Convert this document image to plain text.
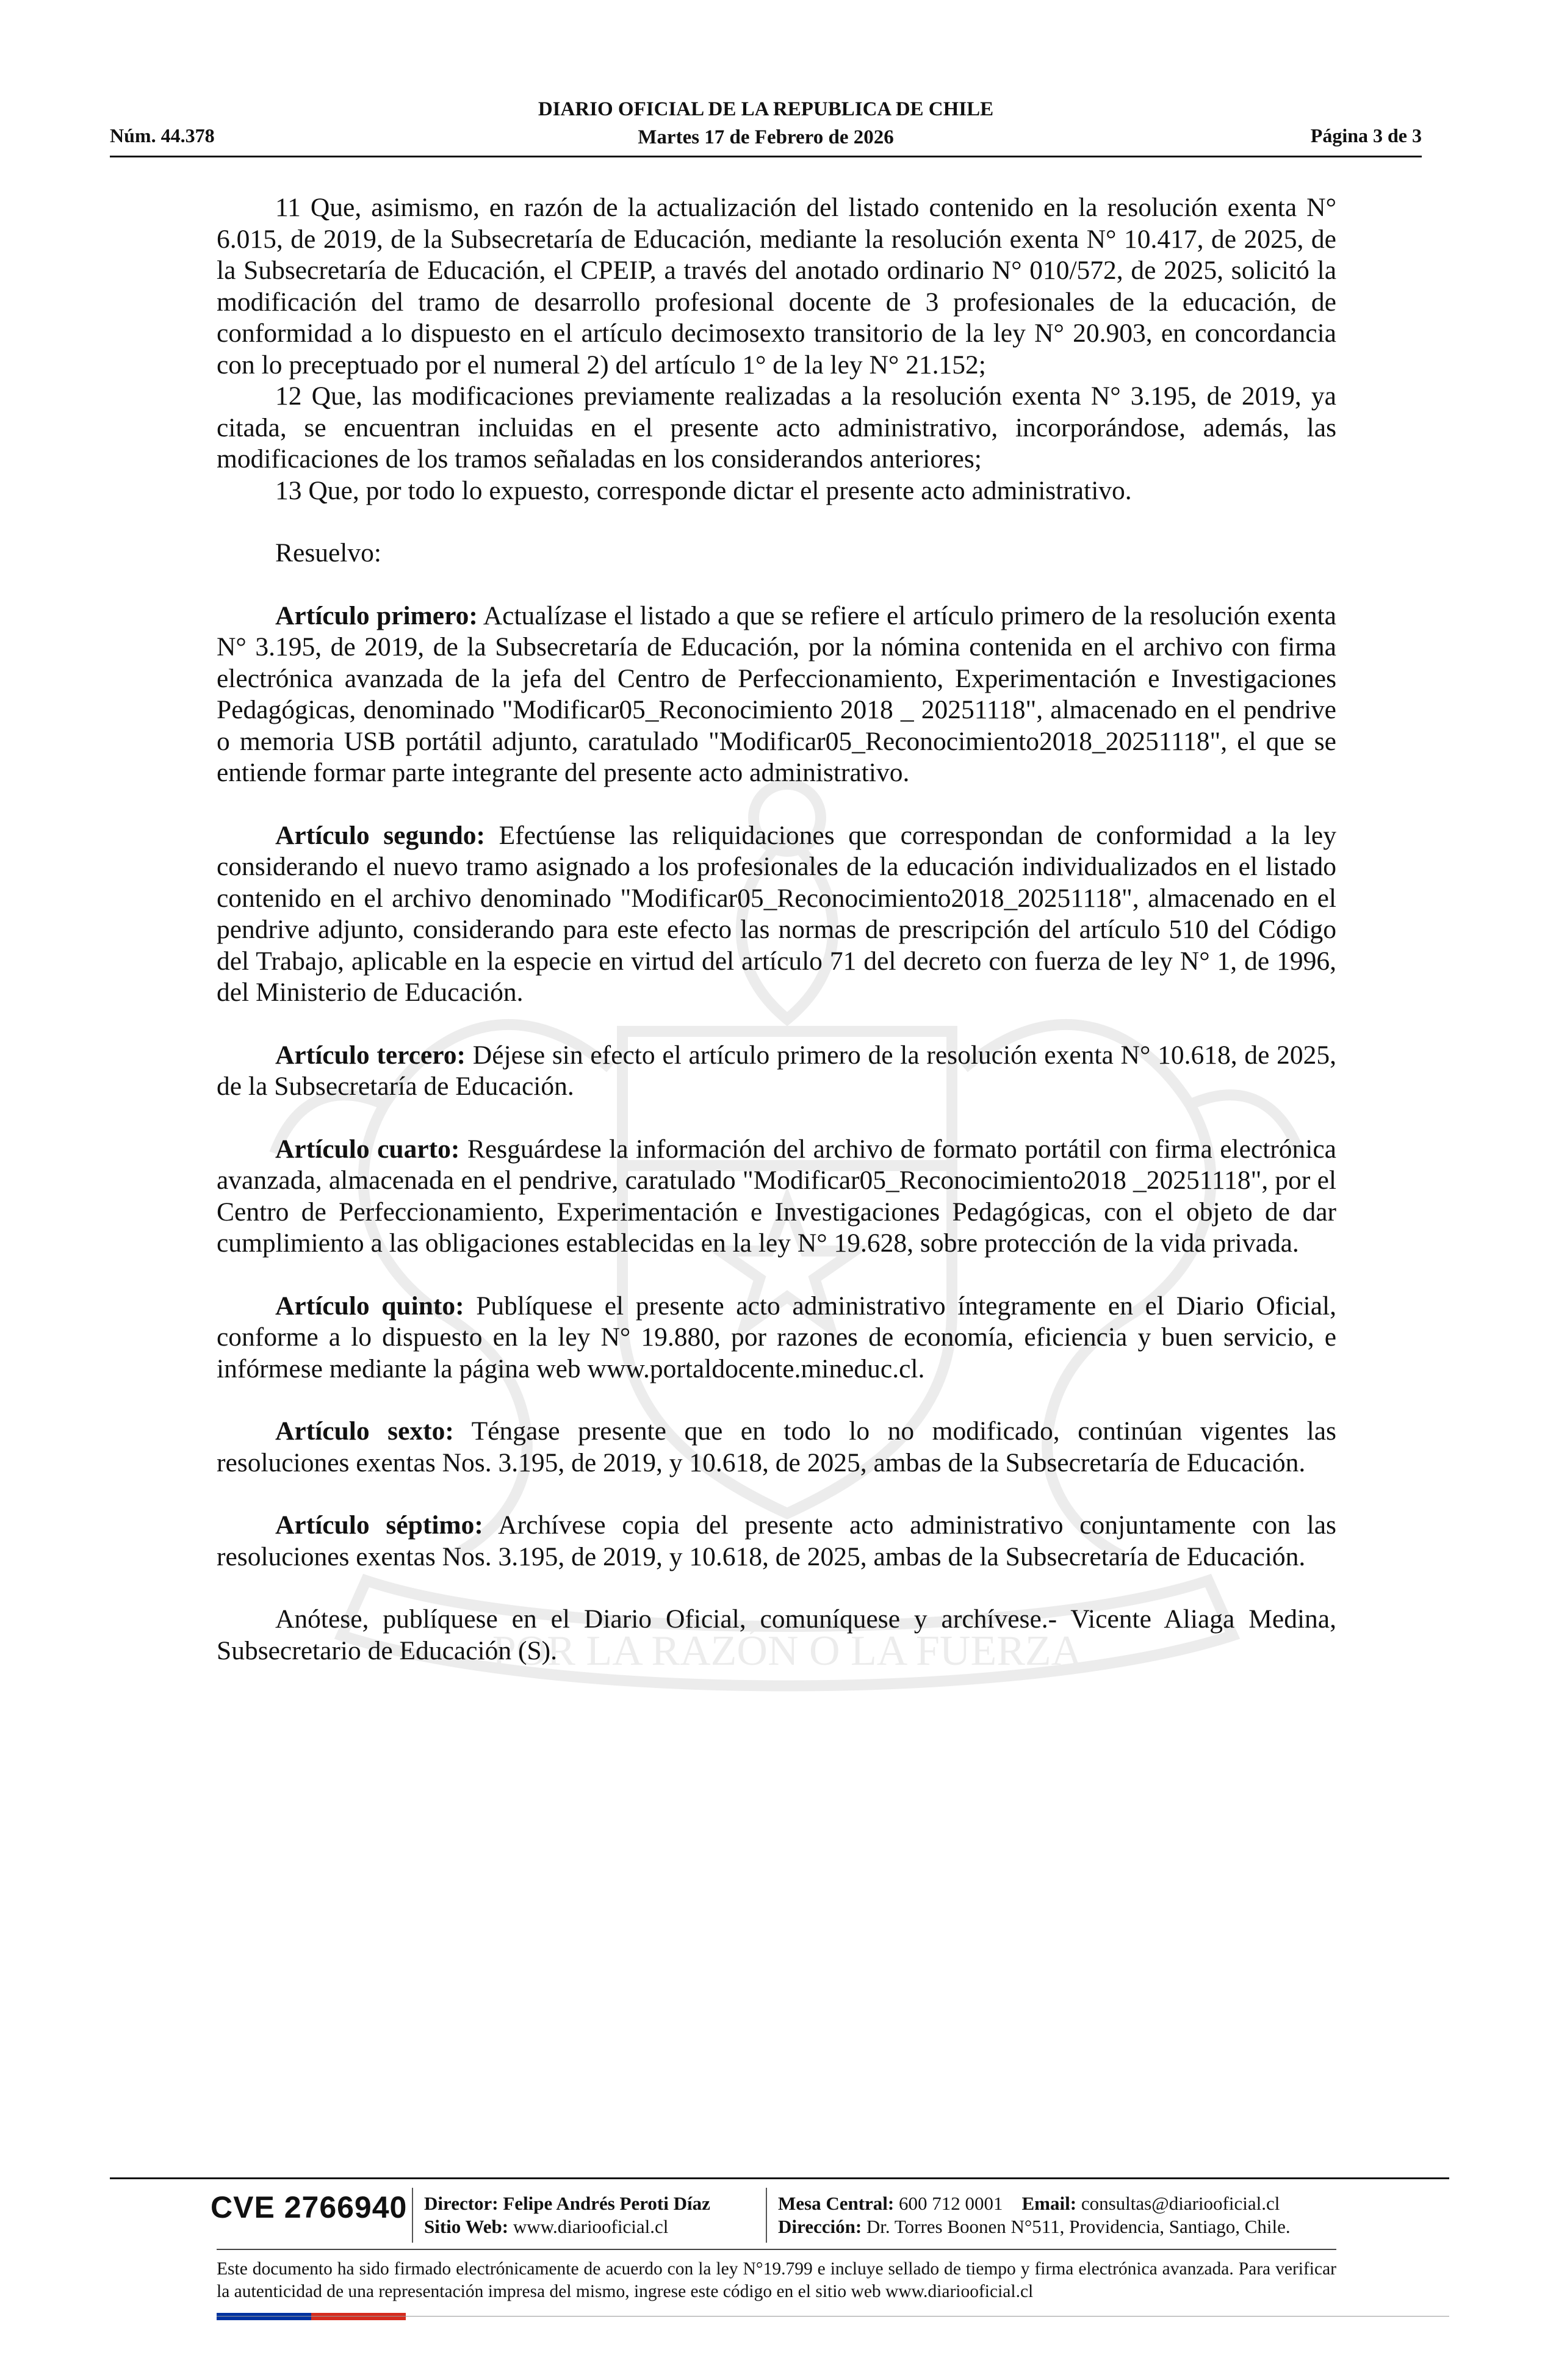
POR LA RAZÓN O LA FUERZA
Núm. 44.378
DIARIO OFICIAL DE LA REPUBLICA DE CHILE
Martes 17 de Febrero de 2026	Página 3 de 3

11 Que, asimismo, en razón de la actualización del listado contenido en la resolución exenta N° 6.015, de 2019, de la Subsecretaría de Educación, mediante la resolución exenta N° 10.417, de 2025, de la Subsecretaría de Educación, el CPEIP, a través del anotado ordinario N° 010/572, de 2025, solicitó la modificación del tramo de desarrollo profesional docente de 3 profesionales de la educación, de conformidad a lo dispuesto en el artículo decimosexto transitorio de la ley N° 20.903, en concordancia con lo preceptuado por el numeral 2) del artículo 1° de la ley N° 21.152;

12 Que, las modificaciones previamente realizadas a la resolución exenta N° 3.195, de 2019, ya citada, se encuentran incluidas en el presente acto administrativo, incorporándose, además, las modificaciones de los tramos señaladas en los considerandos anteriores;

13 Que, por todo lo expuesto, corresponde dictar el presente acto administrativo.

Resuelvo:

Artículo primero: Actualízase el listado a que se refiere el artículo primero de la resolución exenta N° 3.195, de 2019, de la Subsecretaría de Educación, por la nómina contenida en el archivo con firma electrónica avanzada de la jefa del Centro de Perfeccionamiento, Experimentación e Investigaciones Pedagógicas, denominado "Modificar05_Reconocimiento 2018 _ 20251118", almacenado en el pendrive o memoria USB portátil adjunto, caratulado "Modificar05_Reconocimiento2018_20251118", el que se entiende formar parte integrante del presente acto administrativo.

Artículo segundo: Efectúense las reliquidaciones que correspondan de conformidad a la ley considerando el nuevo tramo asignado a los profesionales de la educación individualizados en el listado contenido en el archivo denominado "Modificar05_Reconocimiento2018_20251118", almacenado en el pendrive adjunto, considerando para este efecto las normas de prescripción del artículo 510 del Código del Trabajo, aplicable en la especie en virtud del artículo 71 del decreto con fuerza de ley N° 1, de 1996, del Ministerio de Educación.

Artículo tercero: Déjese sin efecto el artículo primero de la resolución exenta N° 10.618, de 2025, de la Subsecretaría de Educación.

Artículo cuarto: Resguárdese la información del archivo de formato portátil con firma electrónica avanzada, almacenada en el pendrive, caratulado "Modificar05_Reconocimiento2018 _20251118", por el Centro de Perfeccionamiento, Experimentación e Investigaciones Pedagógicas, con el objeto de dar cumplimiento a las obligaciones establecidas en la ley N° 19.628, sobre protección de la vida privada.

Artículo quinto: Publíquese el presente acto administrativo íntegramente en el Diario Oficial, conforme a lo dispuesto en la ley N° 19.880, por razones de economía, eficiencia y buen servicio, e infórmese mediante la página web www.portaldocente.mineduc.cl.

Artículo sexto: Téngase presente que en todo lo no modificado, continúan vigentes las resoluciones exentas Nos. 3.195, de 2019, y 10.618, de 2025, ambas de la Subsecretaría de Educación.

Artículo séptimo: Archívese copia del presente acto administrativo conjuntamente con las resoluciones exentas Nos. 3.195, de 2019, y 10.618, de 2025, ambas de la Subsecretaría de Educación.

Anótese, publíquese en el Diario Oficial, comuníquese y archívese.- Vicente Aliaga Medina, Subsecretario de Educación (S).

CVE 2766940 Director: Felipe Andrés Peroti Díaz
Sitio Web: www.diariooficial.cl
Mesa Central: 600 712 0001 Email: consultas@diariooficial.cl
Dirección: Dr. Torres Boonen N°511, Providencia, Santiago, Chile.
Este documento ha sido firmado electrónicamente de acuerdo con la ley N°19.799 e incluye sellado de tiempo y firma electrónica avanzada. Para verificar la autenticidad de una representación impresa del mismo, ingrese este código en el sitio web www.diariooficial.cl
